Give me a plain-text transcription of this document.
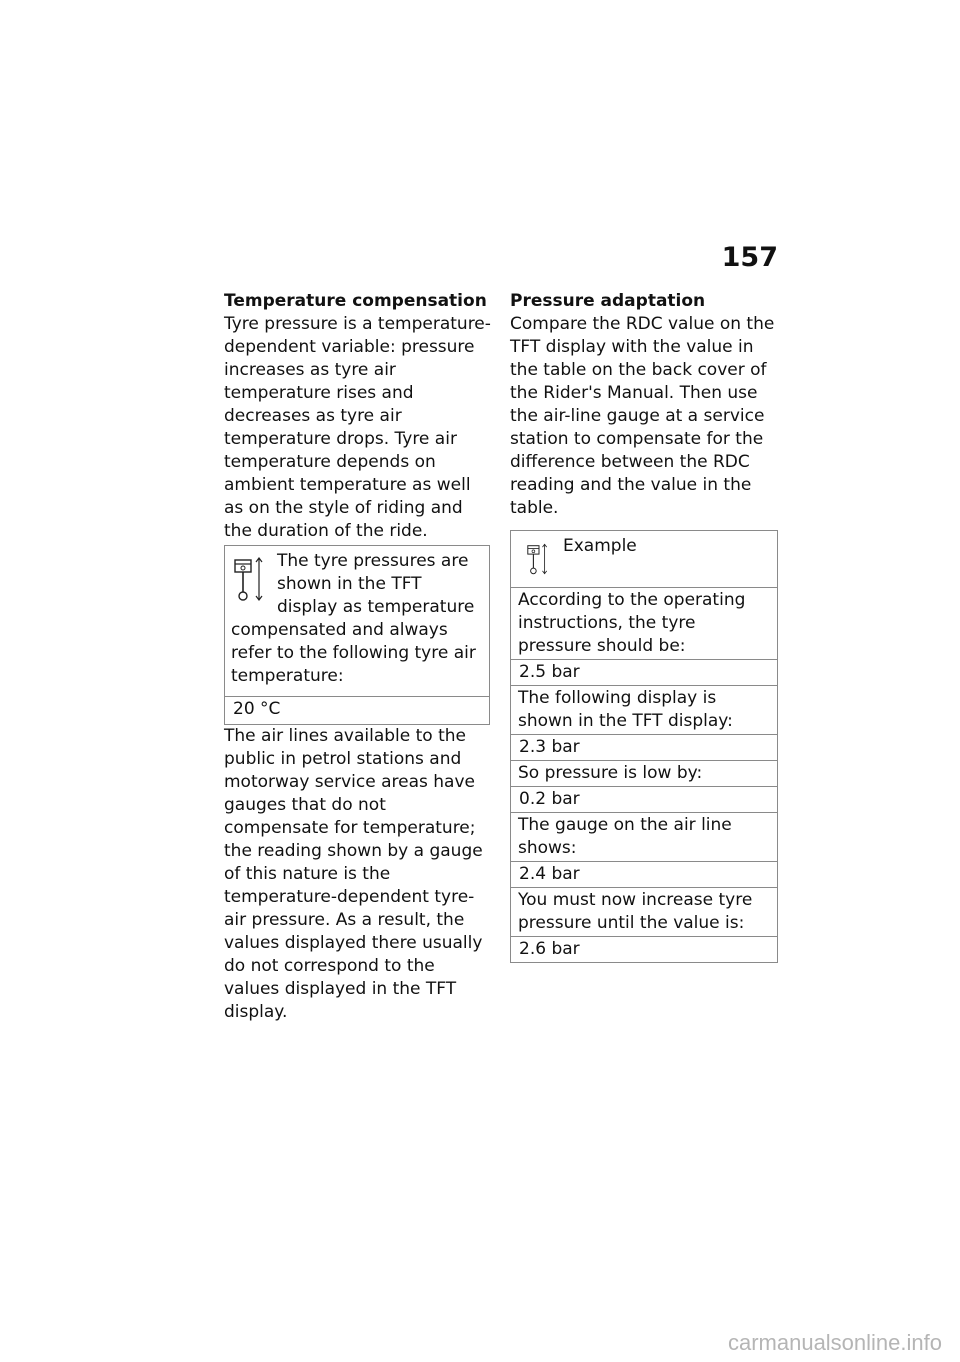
157

Temperature compensation

Tyre pressure is a temperature-dependent variable: pressure increases as tyre air temperature rises and decreases as tyre air temperature drops. Tyre air temperature depends on ambient temperature as well as on the style of riding and the duration of the ride.

The tyre pressures are shown in the TFT display as temperature compensated and always refer to the following tyre air temperature:

20 °C

The air lines available to the public in petrol stations and motorway service areas have gauges that do not compensate for temperature; the reading shown by a gauge of this nature is the temperature-dependent tyre-air pressure. As a result, the values displayed there usually do not correspond to the values displayed in the TFT display.

Pressure adaptation

Compare the RDC value on the TFT display with the value in the table on the back cover of the Rider's Manual. Then use the air-line gauge at a service station to compensate for the difference between the RDC reading and the value in the table.

Example
According to the operating instructions, the tyre pressure should be:
2.5 bar
The following display is shown in the TFT display:
2.3 bar
So pressure is low by:
0.2 bar
The gauge on the air line shows:
2.4 bar
You must now increase tyre pressure until the value is:
2.6 bar
carmanualsonline.info
